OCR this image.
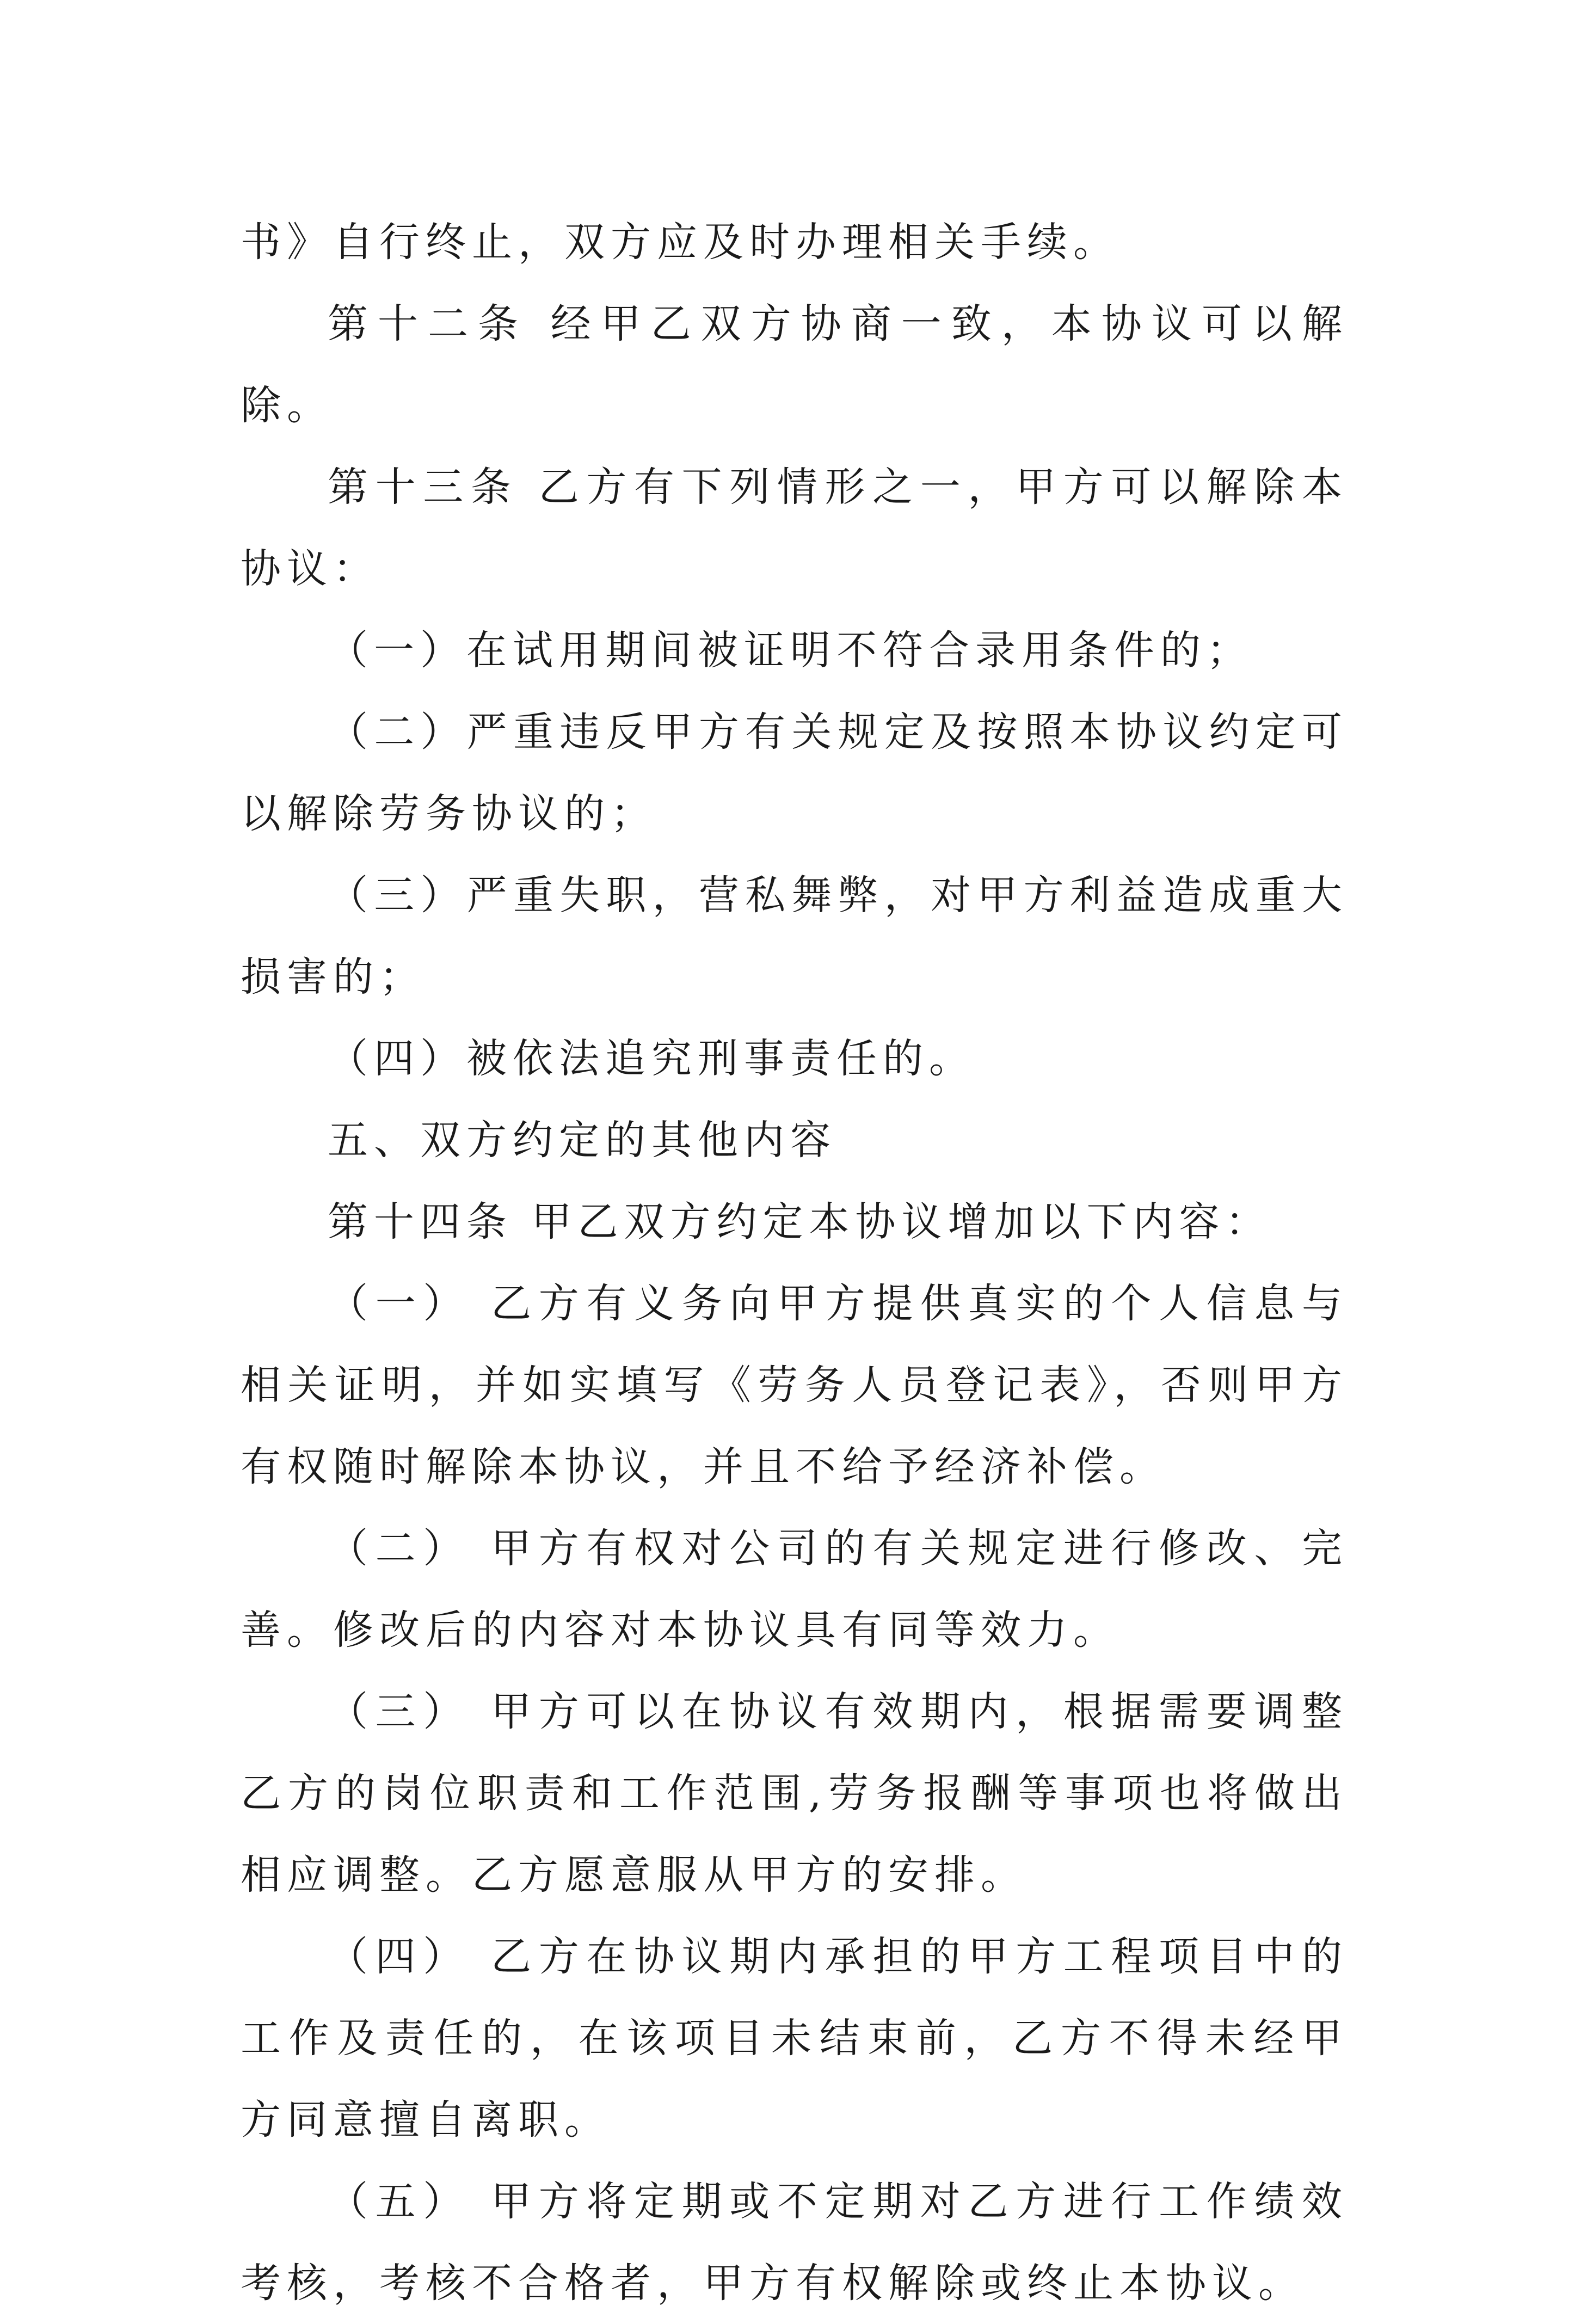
书》自行终止，双方应及时办理相关手续。

第十二条 经甲乙双方协商一致，本协议可以解除。

第十三条 乙方有下列情形之一，甲方可以解除本协议：

（一）在试用期间被证明不符合录用条件的；

（二）严重违反甲方有关规定及按照本协议约定可以解除劳务协议的；

（三）严重失职，营私舞弊，对甲方利益造成重大损害的；

（四）被依法追究刑事责任的。

五、双方约定的其他内容

第十四条 甲乙双方约定本协议增加以下内容：

（一） 乙方有义务向甲方提供真实的个人信息与相关证明，并如实填写《劳务人员登记表》，否则甲方有权随时解除本协议，并且不给予经济补偿。

（二） 甲方有权对公司的有关规定进行修改、完善。修改后的内容对本协议具有同等效力。

（三） 甲方可以在协议有效期内，根据需要调整乙方的岗位职责和工作范围,劳务报酬等事项也将做出相应调整。乙方愿意服从甲方的安排。

（四） 乙方在协议期内承担的甲方工程项目中的工作及责任的，在该项目未结束前，乙方不得未经甲方同意擅自离职。

（五） 甲方将定期或不定期对乙方进行工作绩效考核，考核不合格者，甲方有权解除或终止本协议。
